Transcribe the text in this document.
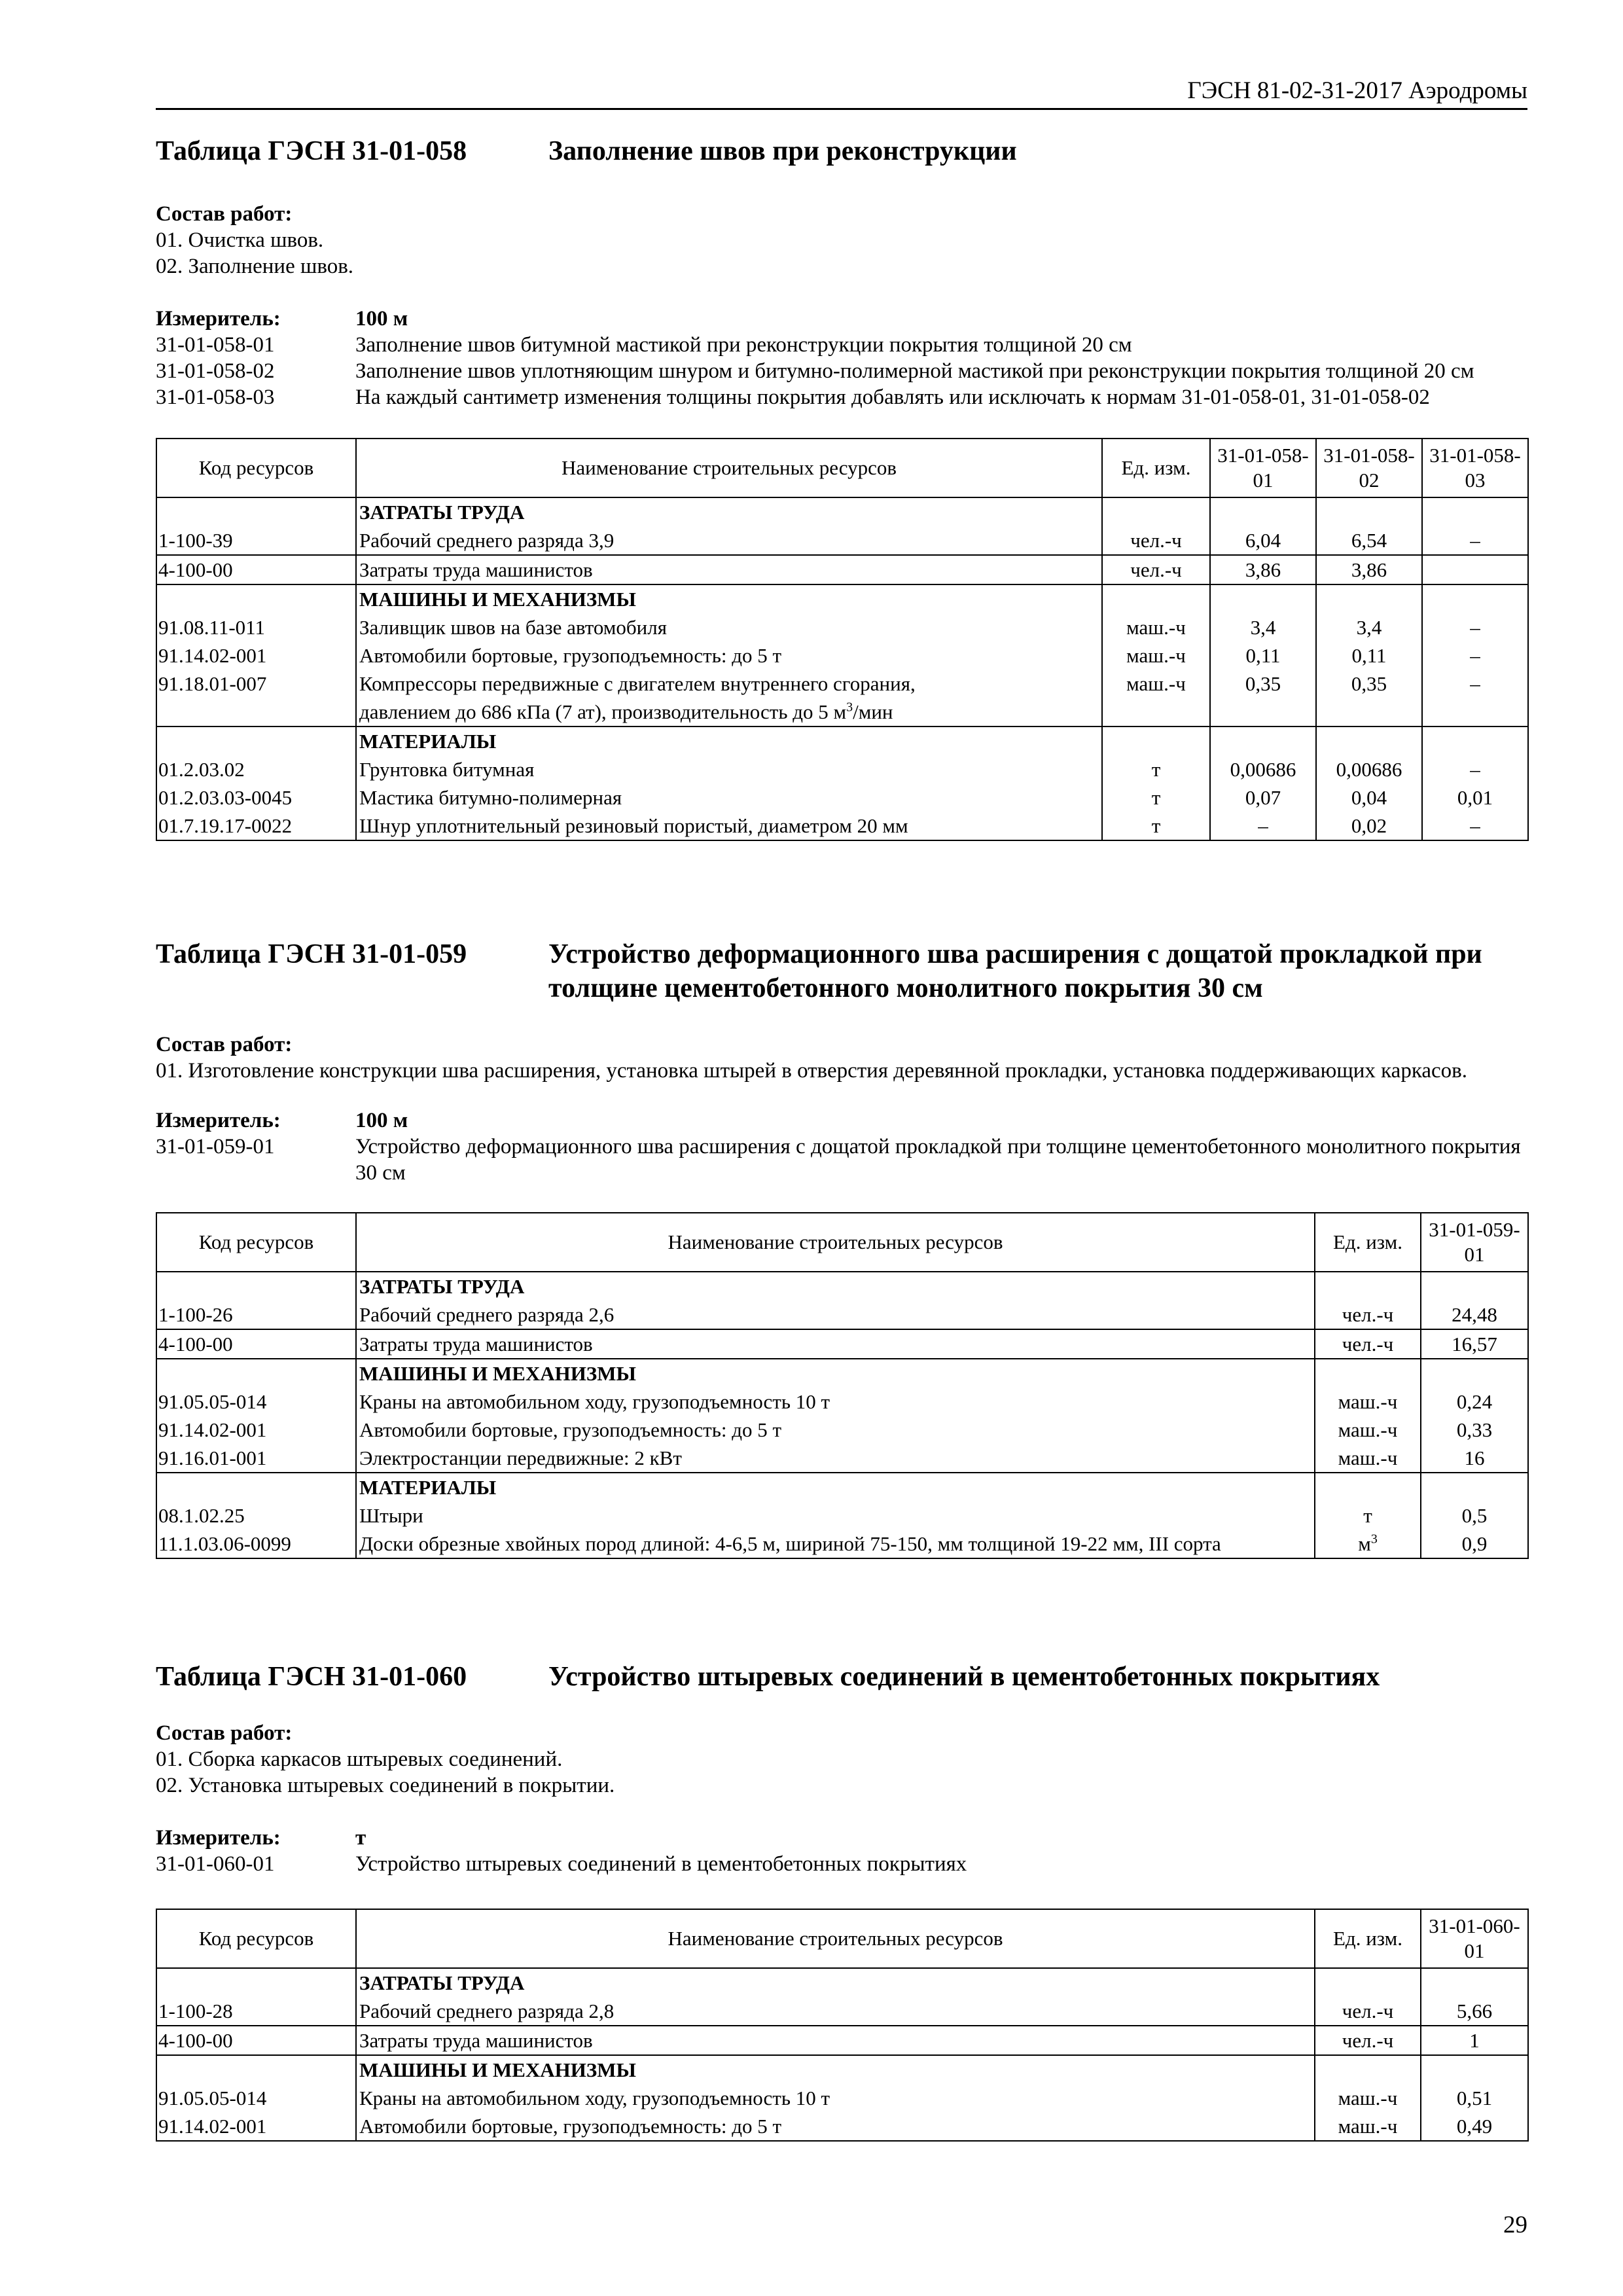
ГЭСН 81-02-31-2017 Аэродромы
Таблица ГЭСН 31-01-058	Заполнение швов при реконструкции
Состав работ:
01. Очистка швов.
02. Заполнение швов.
Измеритель:	100 м
31-01-058-01	Заполнение швов битумной мастикой при реконструкции покрытия толщиной 20 см
31-01-058-02	Заполнение швов уплотняющим шнуром и битумно-полимерной мастикой при реконструкции покрытия толщиной 20 см
31-01-058-03	На каждый сантиметр изменения толщины покрытия добавлять или исключать к нормам 31-01-058-01, 31-01-058-02
Код ресурсов	Наименование строительных ресурсов	Ед. изм.	31-01-058-01	31-01-058-02	31-01-058-03
	ЗАТРАТЫ ТРУДА				
1-100-39	Рабочий среднего разряда 3,9	чел.-ч	6,04	6,54	–
4-100-00	Затраты труда машинистов	чел.-ч	3,86	3,86	
	МАШИНЫ И МЕХАНИЗМЫ				
91.08.11-011	Заливщик швов на базе автомобиля	маш.-ч	3,4	3,4	–
91.14.02-001	Автомобили бортовые, грузоподъемность: до 5 т	маш.-ч	0,11	0,11	–
91.18.01-007	Компрессоры передвижные с двигателем внутреннего сгорания,
давлением до 686 кПа (7 ат), производительность до 5 $м^3$/мин	маш.-ч	0,35	0,35	–
	МАТЕРИАЛЫ				
01.2.03.02	Грунтовка битумная	т	0,00686	0,00686	–
01.2.03.03-0045	Мастика битумно-полимерная	т	0,07	0,04	0,01
01.7.19.17-0022	Шнур уплотнительный резиновый пористый, диаметром 20 мм	т	–	0,02	–
Таблица ГЭСН 31-01-059	Устройство деформационного шва расширения с дощатой прокладкой при толщине цементобетонного монолитного покрытия 30 см
Состав работ:
01. Изготовление конструкции шва расширения, установка штырей в отверстия деревянной прокладки, установка поддерживающих каркасов.
Измеритель:	100 м
31-01-059-01	Устройство деформационного шва расширения с дощатой прокладкой при толщине цементобетонного монолитного покрытия 30 см
Код ресурсов	Наименование строительных ресурсов	Ед. изм.	31-01-059-01
	ЗАТРАТЫ ТРУДА		
1-100-26	Рабочий среднего разряда 2,6	чел.-ч	24,48
4-100-00	Затраты труда машинистов	чел.-ч	16,57
	МАШИНЫ И МЕХАНИЗМЫ		
91.05.05-014	Краны на автомобильном ходу, грузоподъемность 10 т	маш.-ч	0,24
91.14.02-001	Автомобили бортовые, грузоподъемность: до 5 т	маш.-ч	0,33
91.16.01-001	Электростанции передвижные: 2 кВт	маш.-ч	16
	МАТЕРИАЛЫ		
08.1.02.25	Штыри	т	0,5
11.1.03.06-0099	Доски обрезные хвойных пород длиной: 4-6,5 м, шириной 75-150, мм толщиной 19-22 мм, III сорта	$м^3$	0,9
Таблица ГЭСН 31-01-060	Устройство штыревых соединений в цементобетонных покрытиях
Состав работ:
01. Сборка каркасов штыревых соединений.
02. Установка штыревых соединений в покрытии.
Измеритель:	т
31-01-060-01	Устройство штыревых соединений в цементобетонных покрытиях
Код ресурсов	Наименование строительных ресурсов	Ед. изм.	31-01-060-01
	ЗАТРАТЫ ТРУДА		
1-100-28	Рабочий среднего разряда 2,8	чел.-ч	5,66
4-100-00	Затраты труда машинистов	чел.-ч	1
	МАШИНЫ И МЕХАНИЗМЫ		
91.05.05-014	Краны на автомобильном ходу, грузоподъемность 10 т	маш.-ч	0,51
91.14.02-001	Автомобили бортовые, грузоподъемность: до 5 т	маш.-ч	0,49
29
